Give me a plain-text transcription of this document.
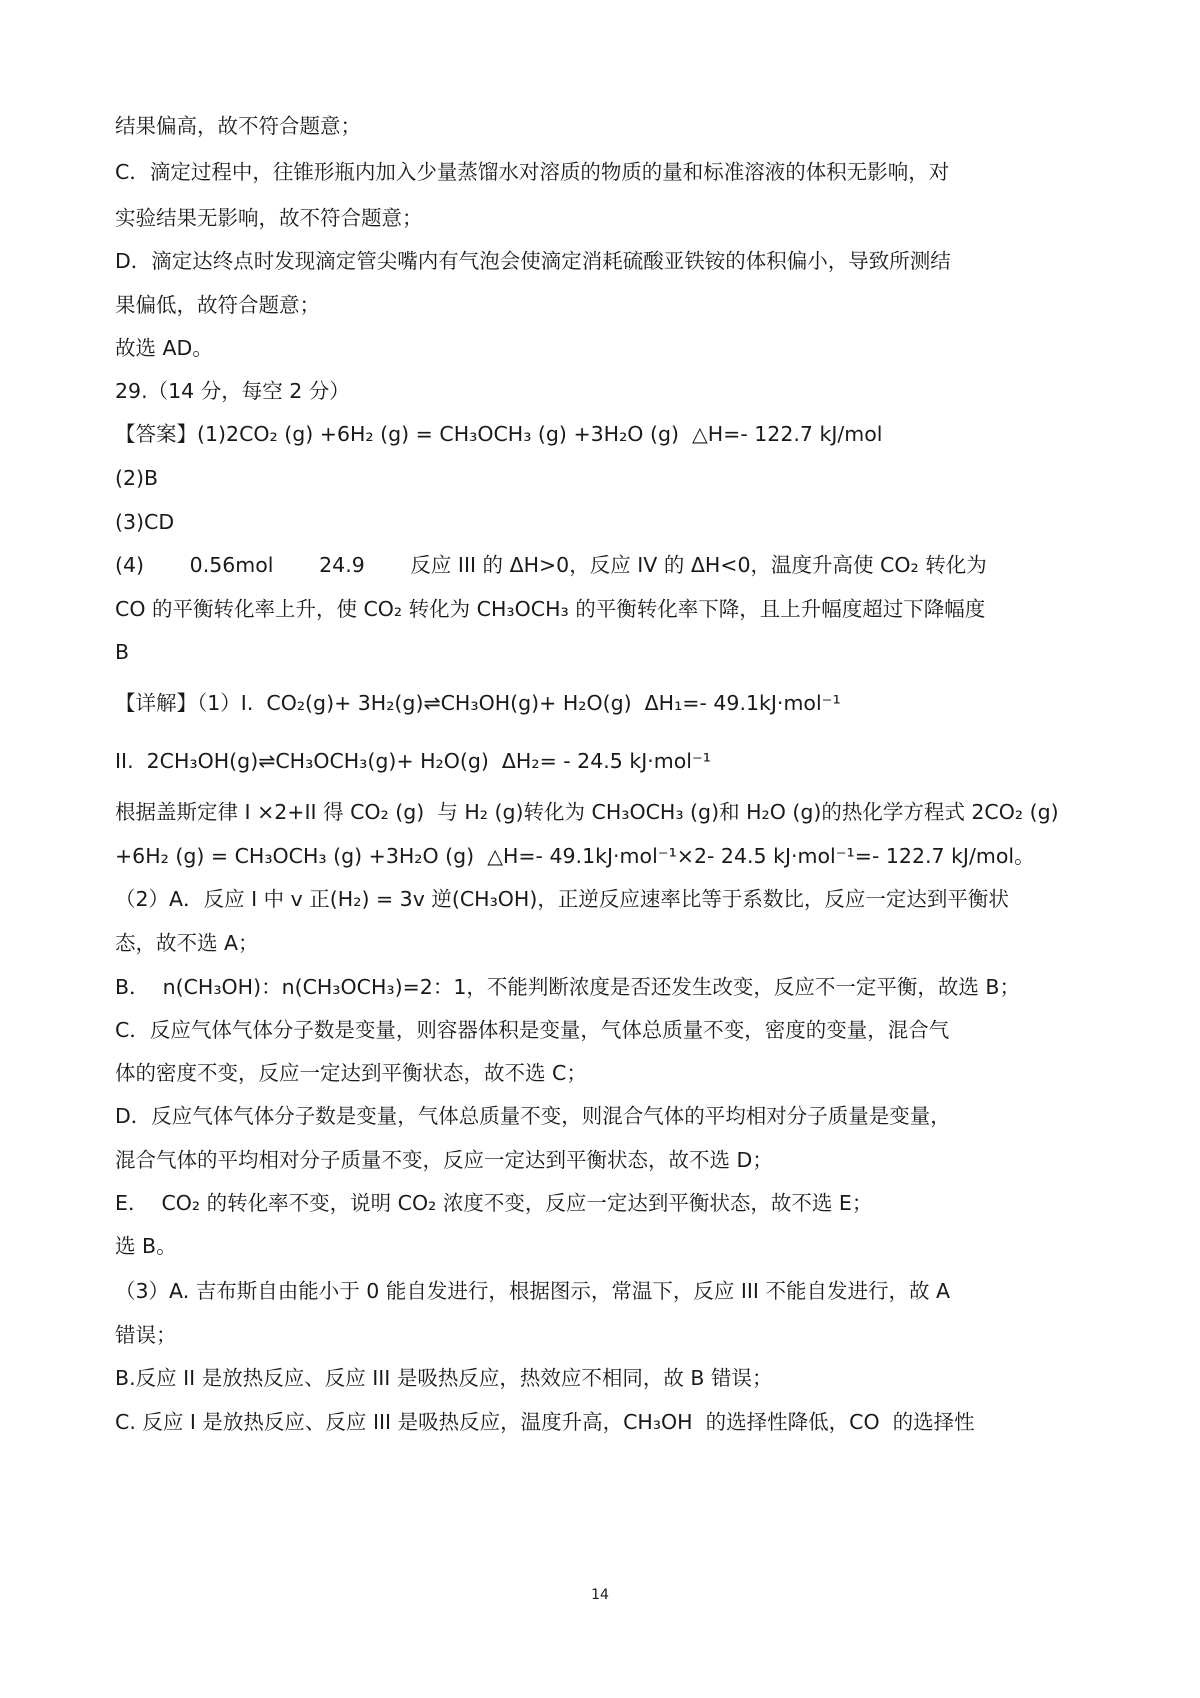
结果偏高，故不符合题意；
C．滴定过程中，往锥形瓶内加入少量蒸馏水对溶质的物质的量和标准溶液的体积无影响，对
实验结果无影响，故不符合题意；
D．滴定达终点时发现滴定管尖嘴内有气泡会使滴定消耗硫酸亚铁铵的体积偏小，导致所测结
果偏低，故符合题意；
故选 AD。
29.（14 分，每空 2 分）
【答案】(1)2CO₂ (g) +6H₂ (g) = CH₃OCH₃ (g) +3H₂O (g)  △H=- 122.7 kJ/mol
(2)B
(3)CD
(4)       0.56mol       24.9       反应 III 的 ΔH>0，反应 IV 的 ΔH<0，温度升高使 CO₂ 转化为
CO 的平衡转化率上升，使 CO₂ 转化为 CH₃OCH₃ 的平衡转化率下降，且上升幅度超过下降幅度
B
【详解】（1）I.  CO₂(g)+ 3H₂(g)⇌CH₃OH(g)+ H₂O(g)  ΔH₁=- 49.1kJ·mol⁻¹
II.  2CH₃OH(g)⇌CH₃OCH₃(g)+ H₂O(g)  ΔH₂= - 24.5 kJ·mol⁻¹
根据盖斯定律 I ×2+II 得 CO₂ (g)  与 H₂ (g)转化为 CH₃OCH₃ (g)和 H₂O (g)的热化学方程式 2CO₂ (g)
+6H₂ (g) = CH₃OCH₃ (g) +3H₂O (g)  △H=- 49.1kJ·mol⁻¹×2- 24.5 kJ·mol⁻¹=- 122.7 kJ/mol。
（2）A．反应 I 中 v 正(H₂) = 3v 逆(CH₃OH)，正逆反应速率比等于系数比，反应一定达到平衡状
态，故不选 A；
B．  n(CH₃OH)：n(CH₃OCH₃)=2：1，不能判断浓度是否还发生改变，反应不一定平衡，故选 B；
C．反应气体气体分子数是变量，则容器体积是变量，气体总质量不变，密度的变量，混合气
体的密度不变，反应一定达到平衡状态，故不选 C；
D．反应气体气体分子数是变量，气体总质量不变，则混合气体的平均相对分子质量是变量，
混合气体的平均相对分子质量不变，反应一定达到平衡状态，故不选 D；
E．  CO₂ 的转化率不变，说明 CO₂ 浓度不变，反应一定达到平衡状态，故不选 E；
选 B。
（3）A. 吉布斯自由能小于 0 能自发进行，根据图示，常温下，反应 III 不能自发进行，故 A
错误；
B.反应 II 是放热反应、反应 III 是吸热反应，热效应不相同，故 B 错误；
C. 反应 I 是放热反应、反应 III 是吸热反应，温度升高，CH₃OH  的选择性降低，CO  的选择性
14
